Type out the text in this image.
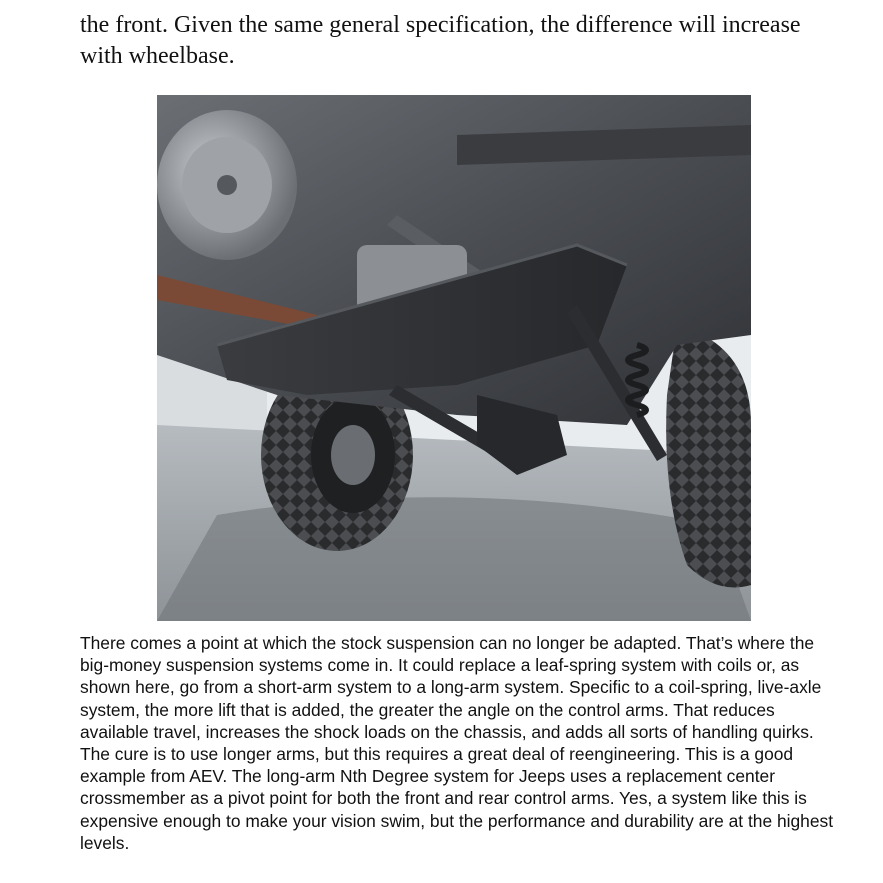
the front. Given the same general specification, the difference will increase with wheelbase.

There comes a point at which the stock suspension can no longer be adapted. That’s where the big-money suspension systems come in. It could replace a leaf-spring system with coils or, as shown here, go from a short-arm system to a long-arm system. Specific to a coil-spring, live-axle system, the more lift that is added, the greater the angle on the control arms. That reduces available travel, increases the shock loads on the chassis, and adds all sorts of handling quirks. The cure is to use longer arms, but this requires a great deal of reengineering. This is a good example from AEV. The long-arm Nth Degree system for Jeeps uses a replacement center crossmember as a pivot point for both the front and rear control arms. Yes, a system like this is expensive enough to make your vision swim, but the performance and durability are at the highest levels.
